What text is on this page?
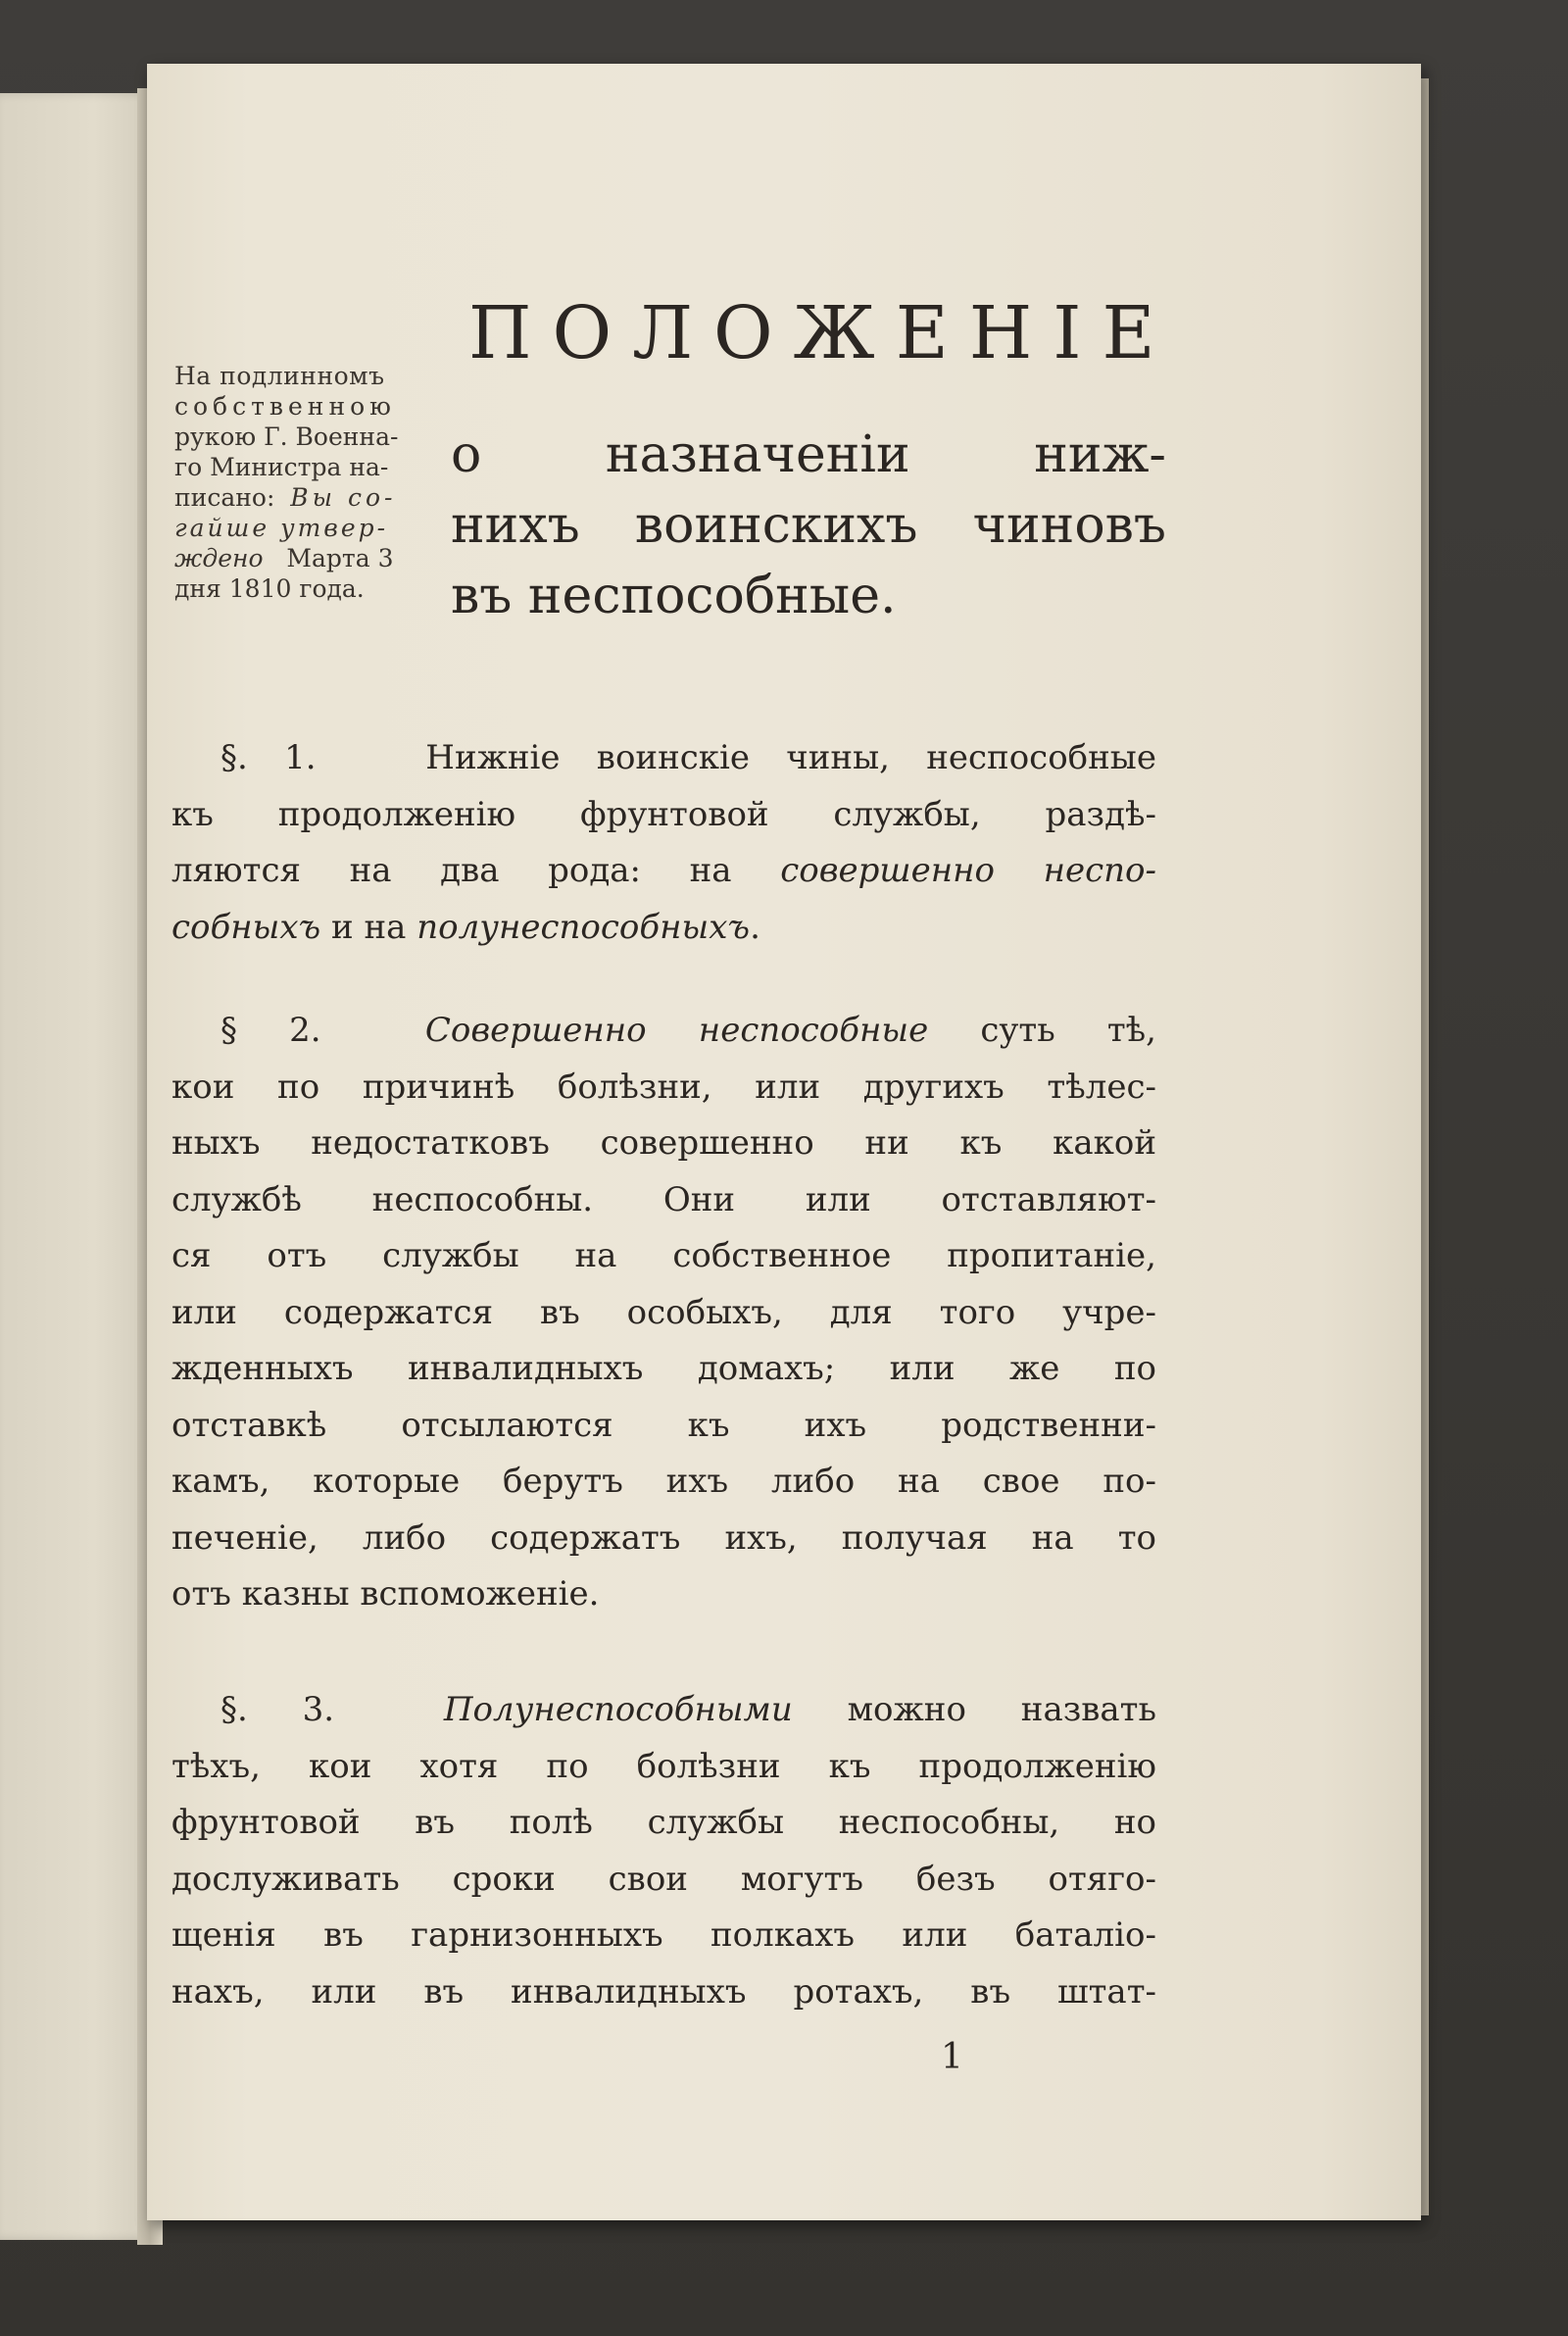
На подлинномъ
собственною
рукою Г. Военна-
го Министра на-
писано: Вы со-
гайше утвер-
ждено Марта 3
дня 1810 года.
ПОЛОЖЕНІЕ
о назначеніи ниж-
нихъ воинскихъ чиновъ
въ неспособные.
§. 1.	Нижніе воинскіе чины, неспособные
къ продолженію фрунтовой службы, раздѣ-
ляются на два рода: на совершенно неспо-
собныхъ и на полунеспособныхъ.
§ 2.	Совершенно неспособные суть тѣ,
кои по причинѣ болѣзни, или другихъ тѣлес-
ныхъ недостатковъ совершенно ни къ какой
службѣ неспособны. Они или отставляют-
ся отъ службы на собственное пропитаніе,
или содержатся въ особыхъ, для того учре-
жденныхъ инвалидныхъ домахъ; или же по
отставкѣ отсылаются къ ихъ родственни-
камъ, которые берутъ ихъ либо на свое по-
печеніе, либо содержатъ ихъ, получая на то
отъ казны вспоможеніе.
§. 3.	Полунеспособными можно назвать
тѣхъ, кои хотя по болѣзни къ продолженію
фрунтовой въ полѣ службы неспособны, но
дослуживать сроки свои могутъ безъ отяго-
щенія въ гарнизонныхъ полкахъ или баталіо-
нахъ, или въ инвалидныхъ ротахъ, въ штат-
1
